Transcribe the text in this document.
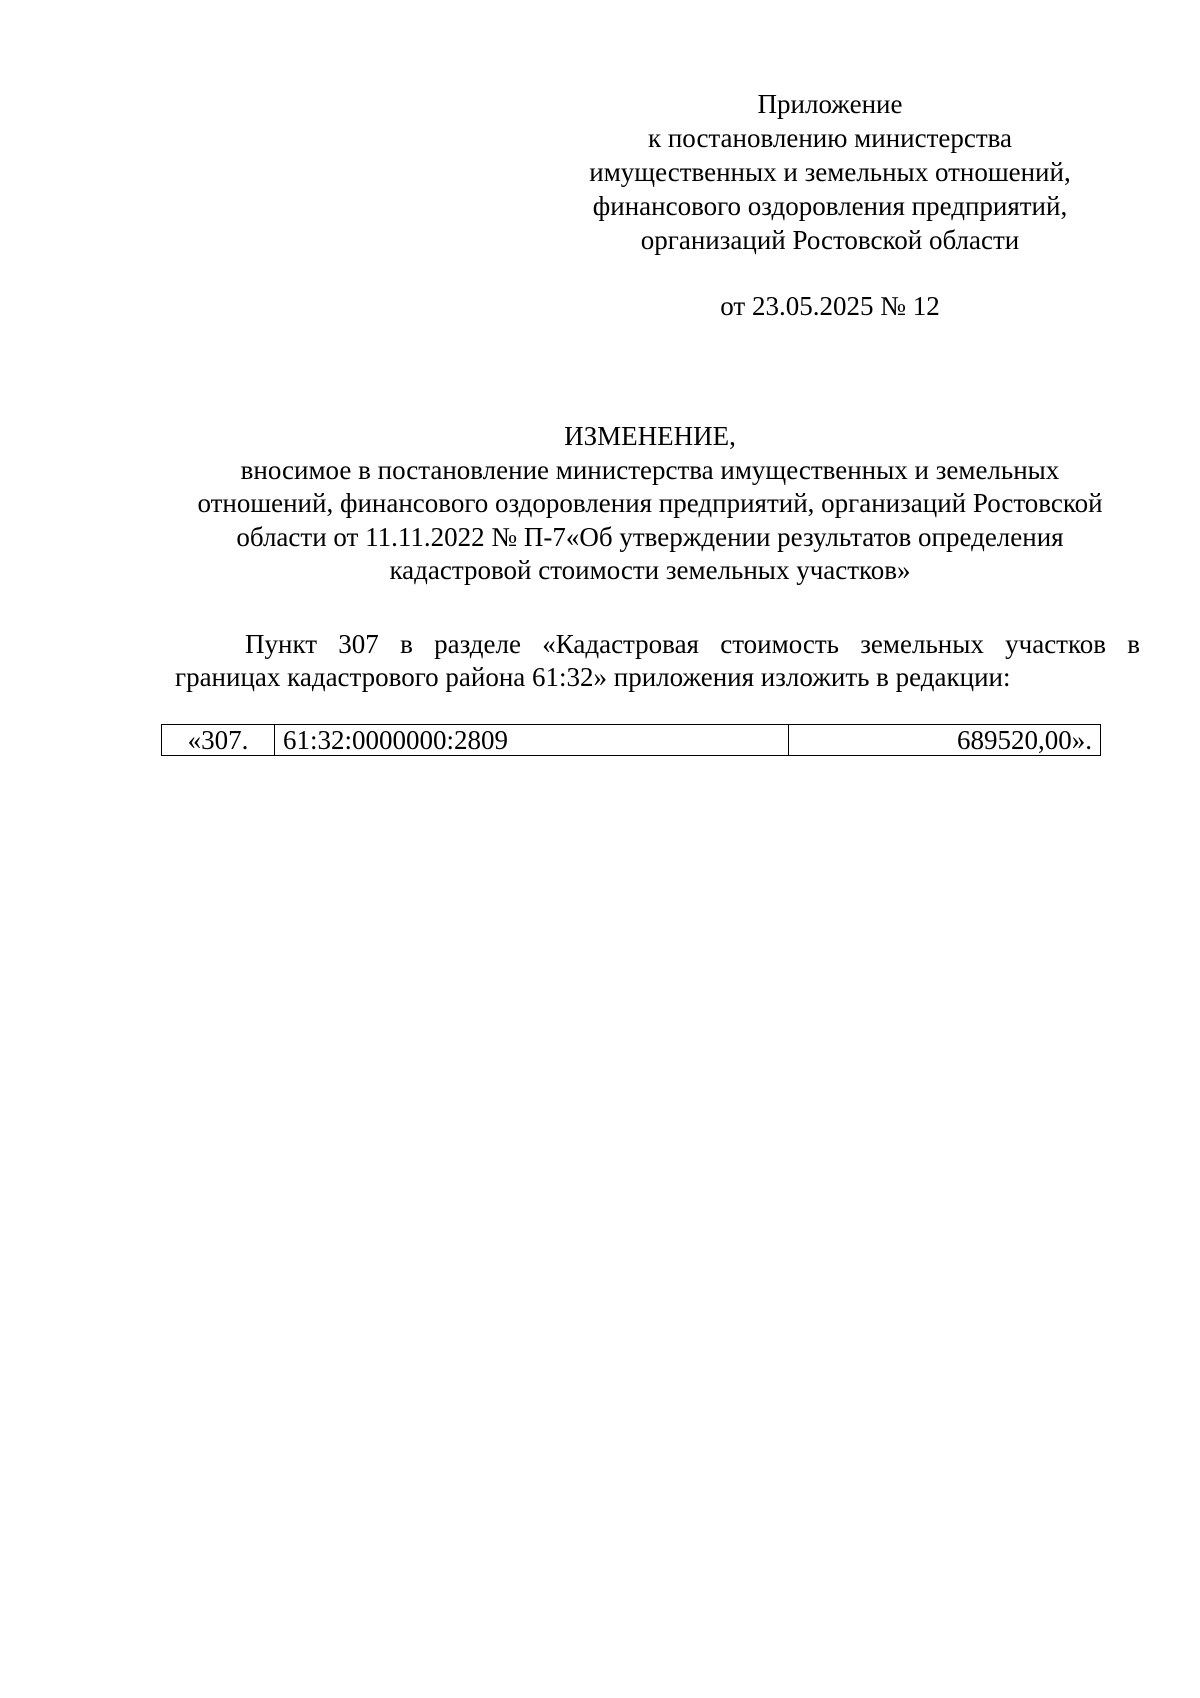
Приложение
к постановлению министерства
имущественных и земельных отношений,
финансового оздоровления предприятий,
организаций Ростовской области
от 23.05.2025 № 12
ИЗМЕНЕНИЕ,
вносимое в постановление министерства имущественных и земельных
отношений, финансового оздоровления предприятий, организаций Ростовской
области от 11.11.2022 № П-7«Об утверждении результатов определения
кадастровой стоимости земельных участков»
Пункт 307 в разделе «Кадастровая стоимость земельных участков в
границах кадастрового района 61:32» приложения изложить в редакции:
«307.	61:32:0000000:2809	689520,00».
